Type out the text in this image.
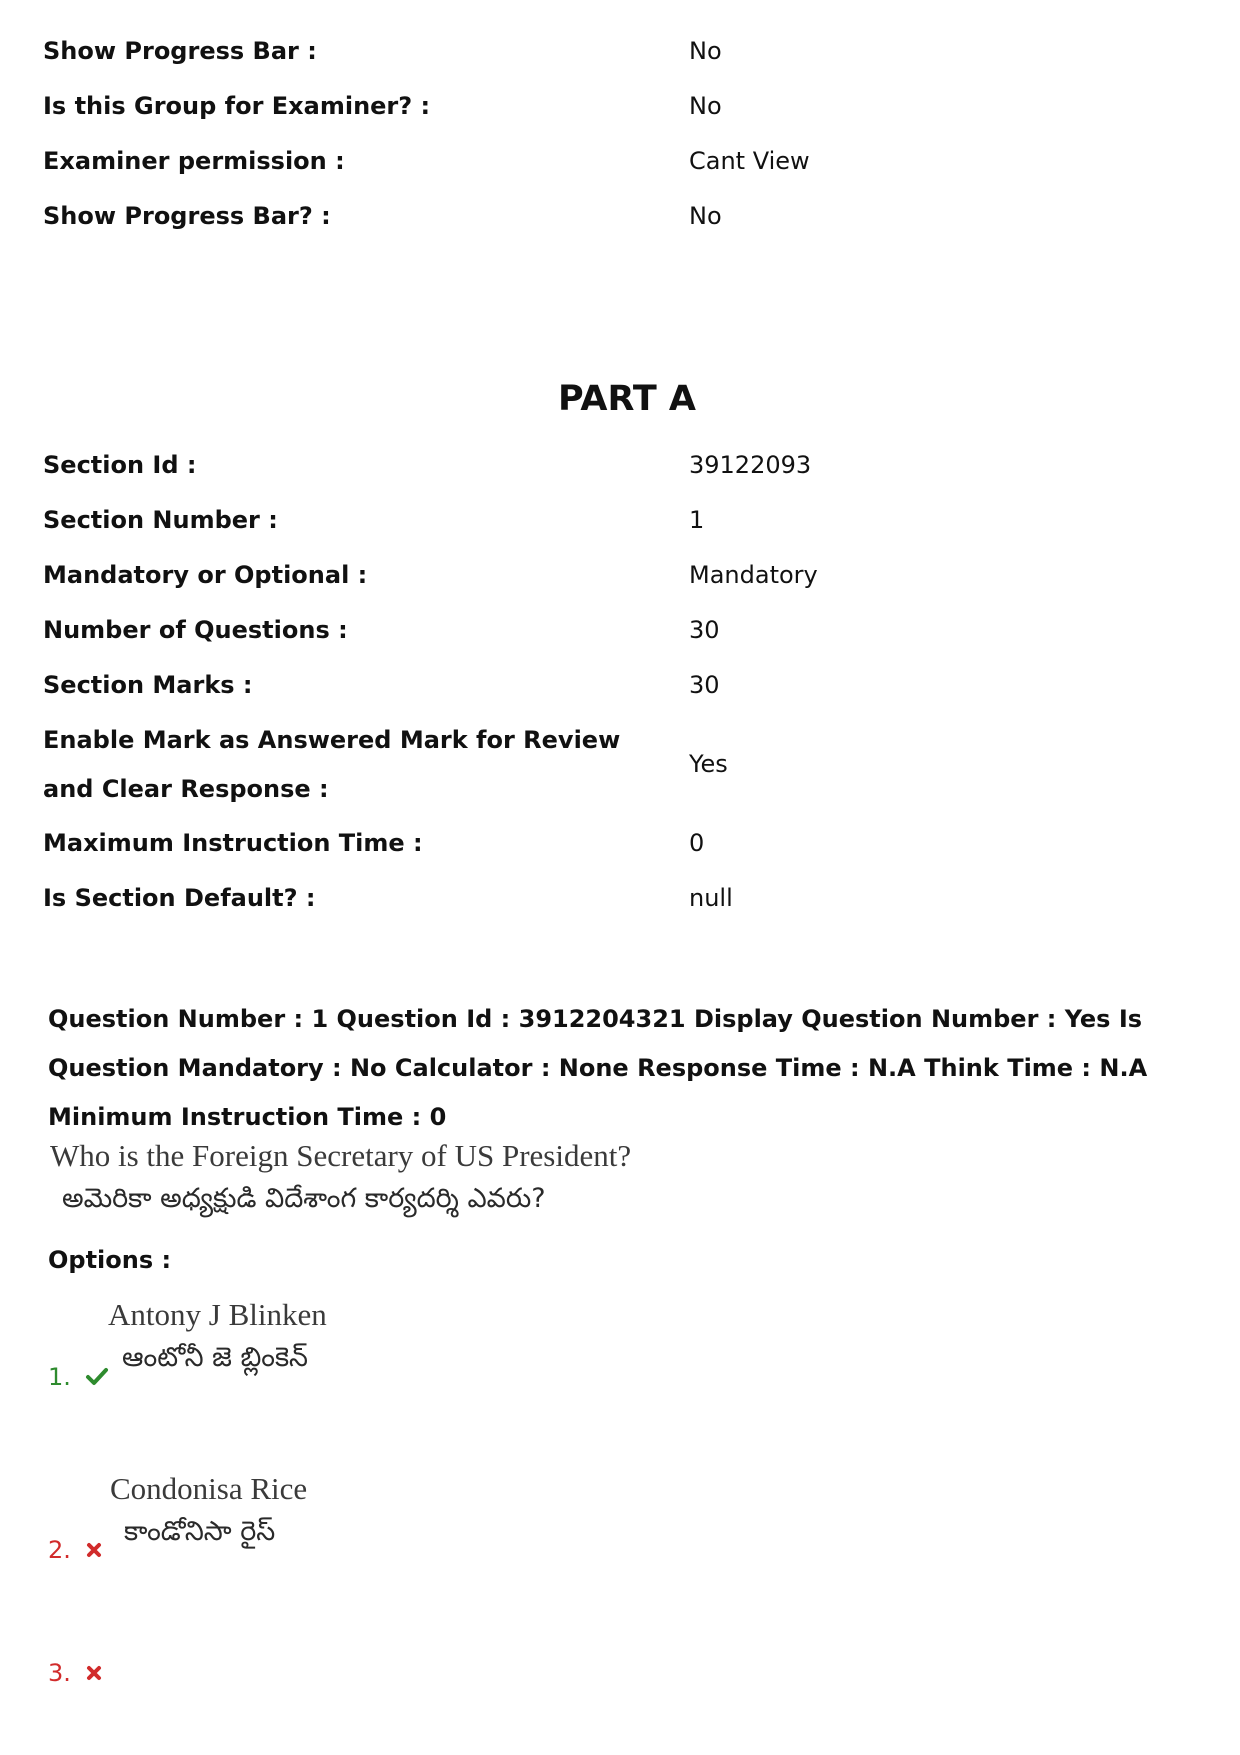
Show Progress Bar :	No
Is this Group for Examiner? :	No
Examiner permission :	Cant View
Show Progress Bar? :	No
PART A
Section Id :	39122093
Section Number :	1
Mandatory or Optional :	Mandatory
Number of Questions :	30
Section Marks :	30
Enable Mark as Answered Mark for Review and Clear Response :
Yes
Maximum Instruction Time :	0
Is Section Default? :	null
Question Number : 1 Question Id : 3912204321 Display Question Number : Yes Is Question Mandatory : No Calculator : None Response Time : N.A Think Time : N.A Minimum Instruction Time : 0
Who is the Foreign Secretary of US President?
అమెరికా అధ్యక్షుడి విదేశాంగ కార్యదర్శి ఎవరు?
Options :
1.
Antony J Blinken
ఆంటోనీ జె బ్లింకెన్
2.
Condonisa Rice
కాండోనిసా రైస్
3.
